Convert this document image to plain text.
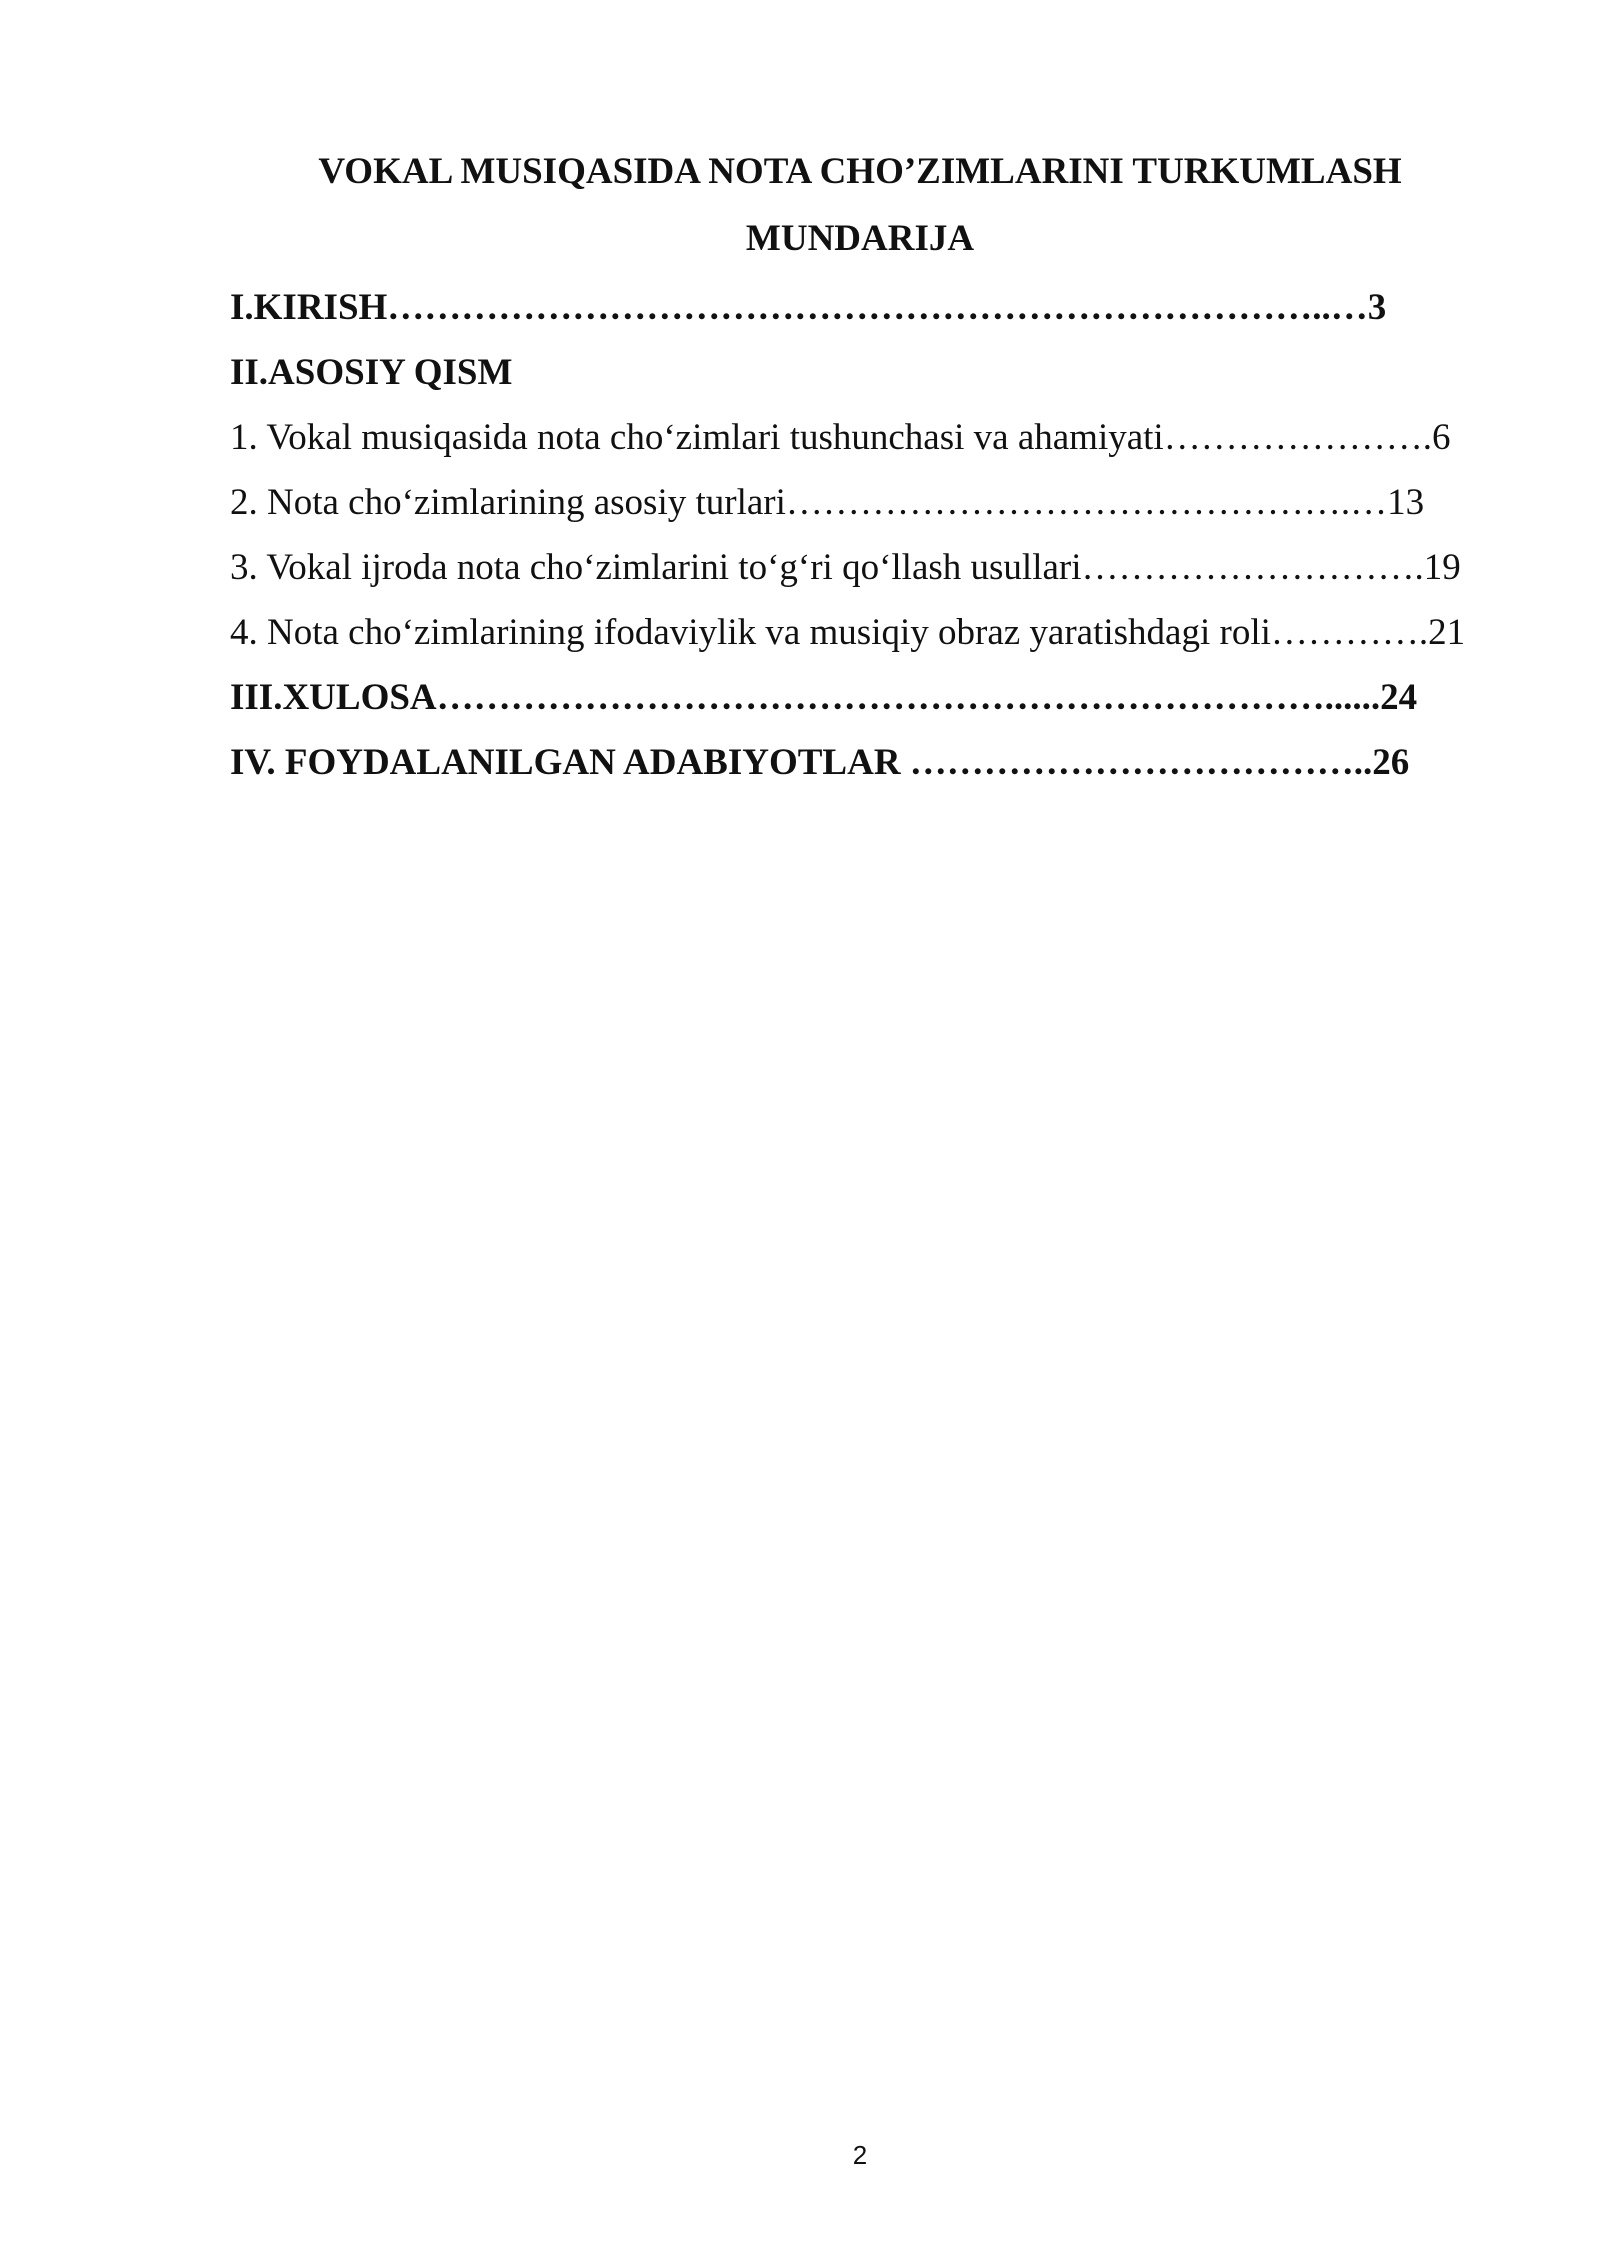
VOKAL MUSIQASIDA NOTA CHO’ZIMLARINI TURKUMLASH
MUNDARIJA
I.KIRISH…………………………………………………………………..…3
II.ASOSIY QISM
1. Vokal musiqasida nota cho‘zimlari tushunchasi va ahamiyati………………….6
2. Nota cho‘zimlarining asosiy turlari……………………………………….…13
3. Vokal ijroda nota cho‘zimlarini to‘g‘ri qo‘llash usullari……………………….19
4. Nota cho‘zimlarining ifodaviylik va musiqiy obraz yaratishdagi roli………….21
III.XULOSA………………………………………………………………......24
IV. FOYDALANILGAN ADABIYOTLAR ………………………………..26
2
